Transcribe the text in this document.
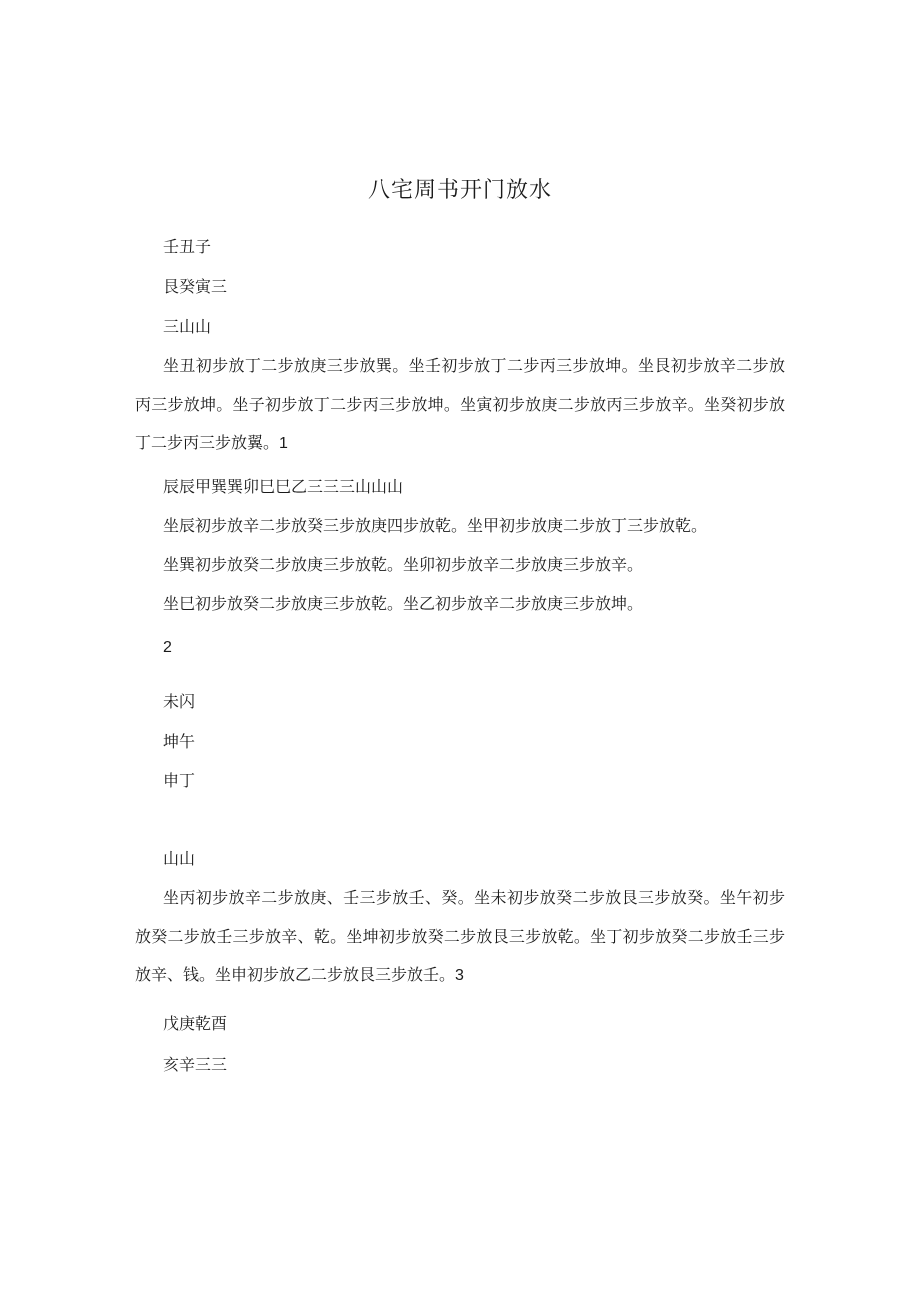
八宅周书开门放水
壬丑子
艮癸寅三
三山山
坐丑初步放丁二步放庚三步放巽。坐壬初步放丁二步丙三步放坤。坐艮初步放辛二步放丙三步放坤。坐子初步放丁二步丙三步放坤。坐寅初步放庚二步放丙三步放辛。坐癸初步放丁二步丙三步放翼。1
辰辰甲巽巽卯巳巳乙三三三山山山
坐辰初步放辛二步放癸三步放庚四步放乾。坐甲初步放庚二步放丁三步放乾。
坐巽初步放癸二步放庚三步放乾。坐卯初步放辛二步放庚三步放辛。
坐巳初步放癸二步放庚三步放乾。坐乙初步放辛二步放庚三步放坤。
2
未闪
坤午
申丁
山山
坐丙初步放辛二步放庚、壬三步放壬、癸。坐未初步放癸二步放艮三步放癸。坐午初步放癸二步放壬三步放辛、乾。坐坤初步放癸二步放艮三步放乾。坐丁初步放癸二步放壬三步放辛、钱。坐申初步放乙二步放艮三步放壬。3
戊庚乾酉
亥辛三三
